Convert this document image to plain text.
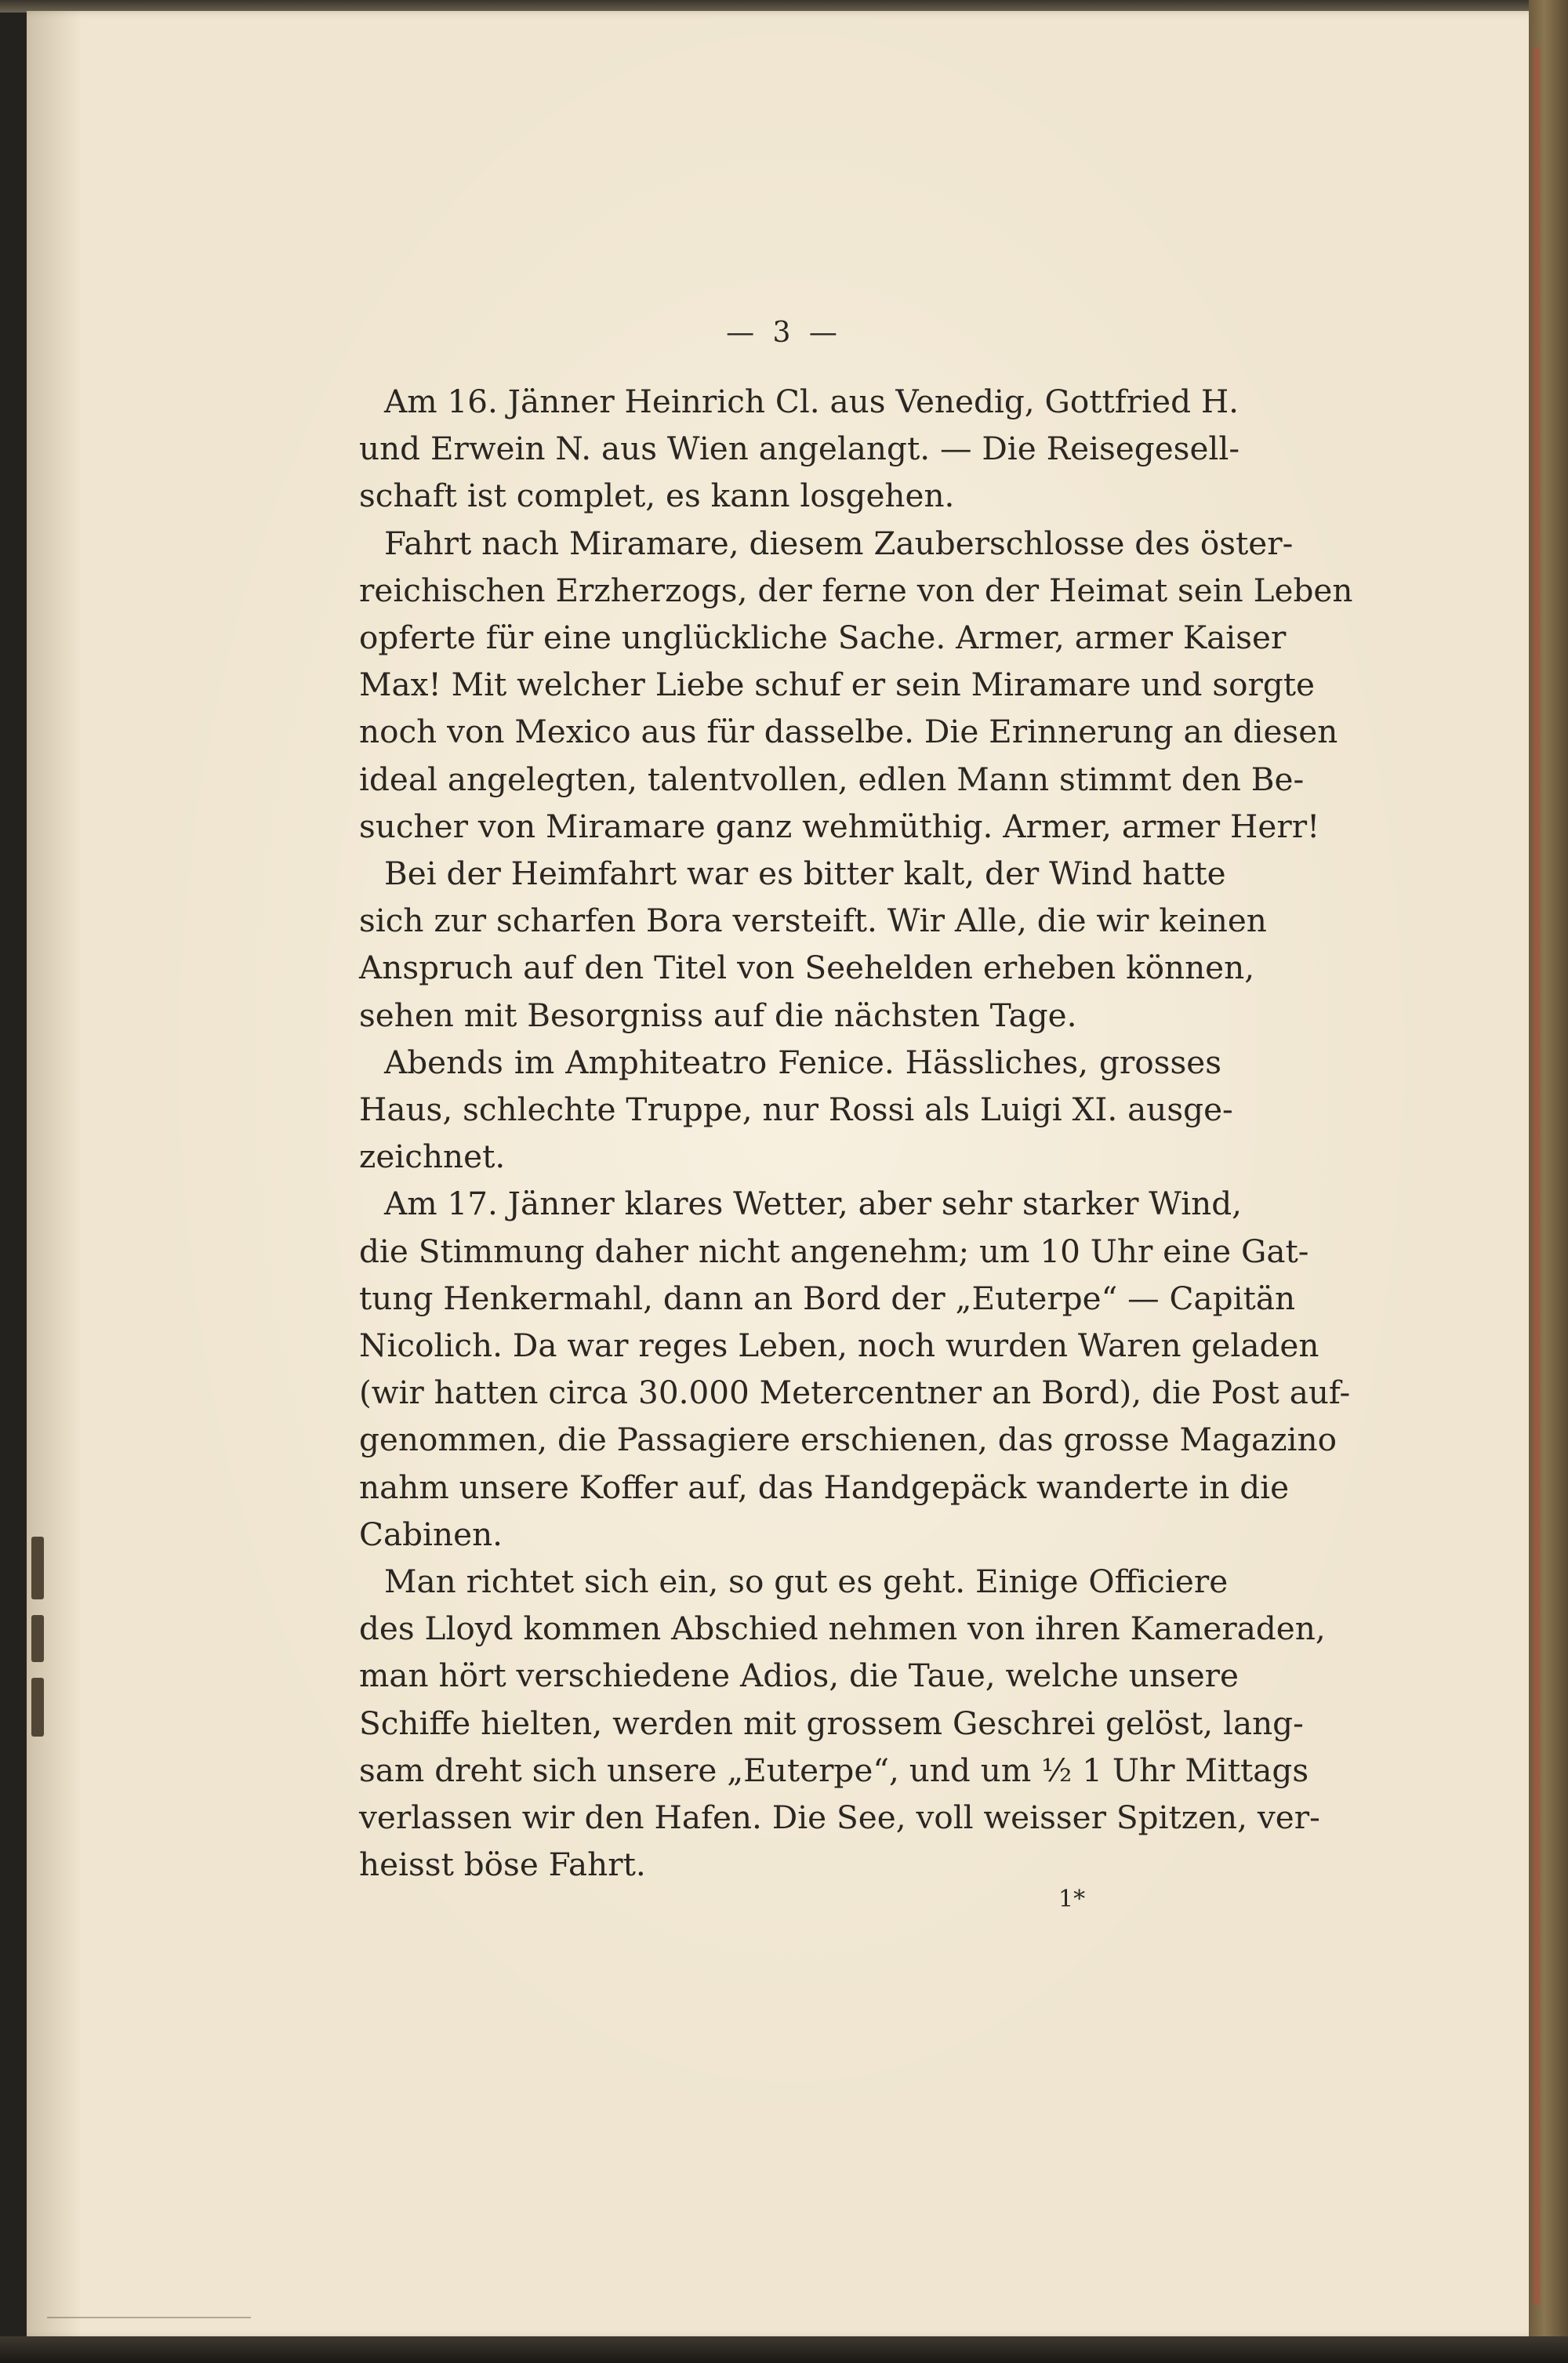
— 3 —
Am 16. Jänner Heinrich Cl. aus Venedig, Gottfried H.
und Erwein N. aus Wien angelangt. — Die Reisegesell-
schaft ist complet, es kann losgehen.
Fahrt nach Miramare, diesem Zauberschlosse des öster-
reichischen Erzherzogs, der ferne von der Heimat sein Leben
opferte für eine unglückliche Sache. Armer, armer Kaiser
Max! Mit welcher Liebe schuf er sein Miramare und sorgte
noch von Mexico aus für dasselbe. Die Erinnerung an diesen
ideal angelegten, talentvollen, edlen Mann stimmt den Be-
sucher von Miramare ganz wehmüthig. Armer, armer Herr!
Bei der Heimfahrt war es bitter kalt, der Wind hatte
sich zur scharfen Bora versteift. Wir Alle, die wir keinen
Anspruch auf den Titel von Seehelden erheben können,
sehen mit Besorgniss auf die nächsten Tage.
Abends im Amphiteatro Fenice. Hässliches, grosses
Haus, schlechte Truppe, nur Rossi als Luigi XI. ausge-
zeichnet.
Am 17. Jänner klares Wetter, aber sehr starker Wind,
die Stimmung daher nicht angenehm; um 10 Uhr eine Gat-
tung Henkermahl, dann an Bord der „Euterpe“ — Capitän
Nicolich. Da war reges Leben, noch wurden Waren geladen
(wir hatten circa 30.000 Metercentner an Bord), die Post auf-
genommen, die Passagiere erschienen, das grosse Magazino
nahm unsere Koffer auf, das Handgepäck wanderte in die
Cabinen.
Man richtet sich ein, so gut es geht. Einige Officiere
des Lloyd kommen Abschied nehmen von ihren Kameraden,
man hört verschiedene Adios, die Taue, welche unsere
Schiffe hielten, werden mit grossem Geschrei gelöst, lang-
sam dreht sich unsere „Euterpe“, und um ½ 1 Uhr Mittags
verlassen wir den Hafen. Die See, voll weisser Spitzen, ver-
heisst böse Fahrt.
1*
